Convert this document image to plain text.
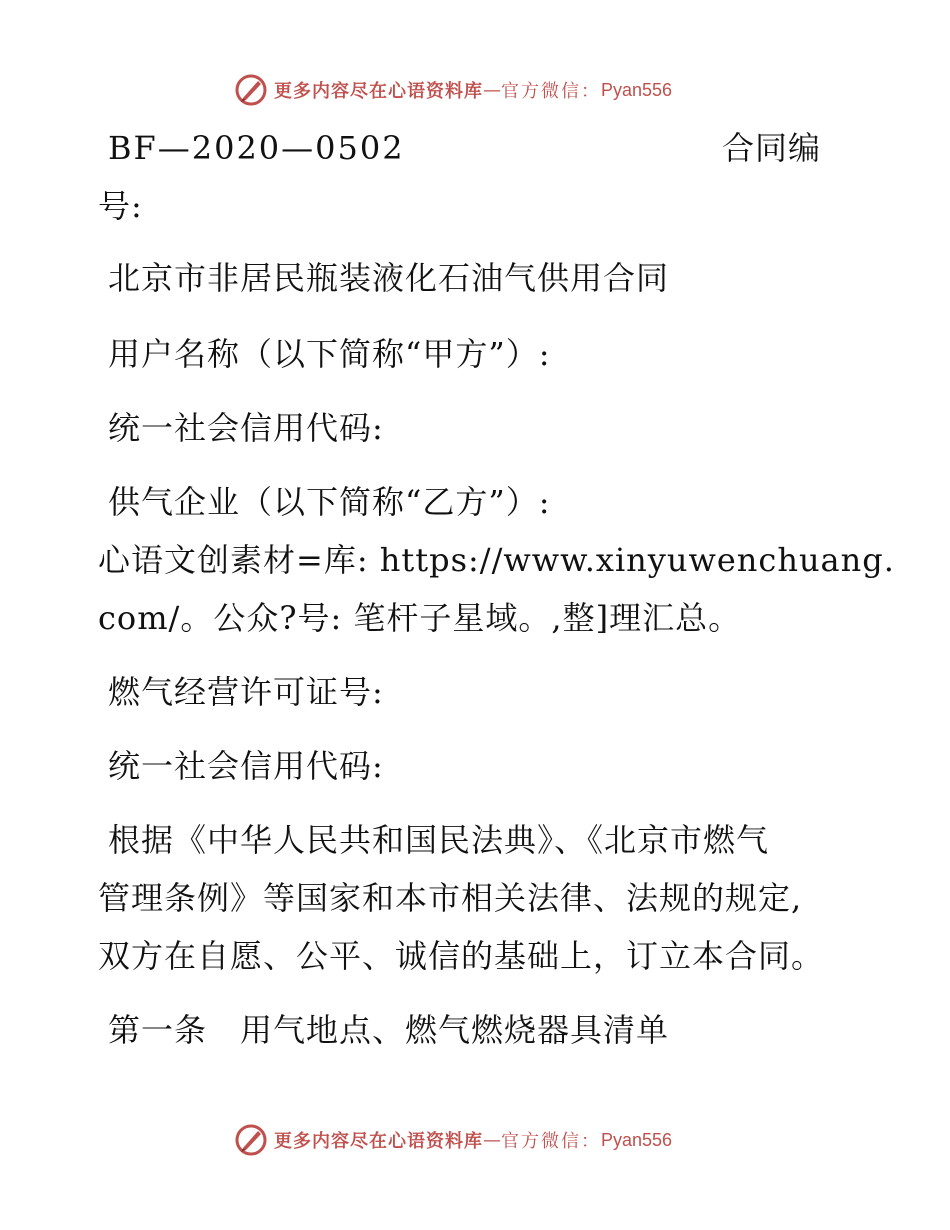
更多内容尽在心语资料库 — 官方微信： Pyan556
BF—2020—0502	合同编
号:
北京市非居民瓶装液化石油气供用合同
用户名称（以下简称“甲方”）:
统一社会信用代码:
供气企业（以下简称“乙方”）:
心语文创素材=库: https://www.xinyuwenchuang.
com/。公众?号: 笔杆子星域。,整]理汇总。
燃气经营许可证号:
统一社会信用代码:
根据《中华人民共和国民法典》、《北京市燃气
管理条例》等国家和本市相关法律、法规的规定,
双方在自愿、公平、诚信的基础上，订立本合同。
第一条　用气地点、燃气燃烧器具清单
更多内容尽在心语资料库 — 官方微信： Pyan556
